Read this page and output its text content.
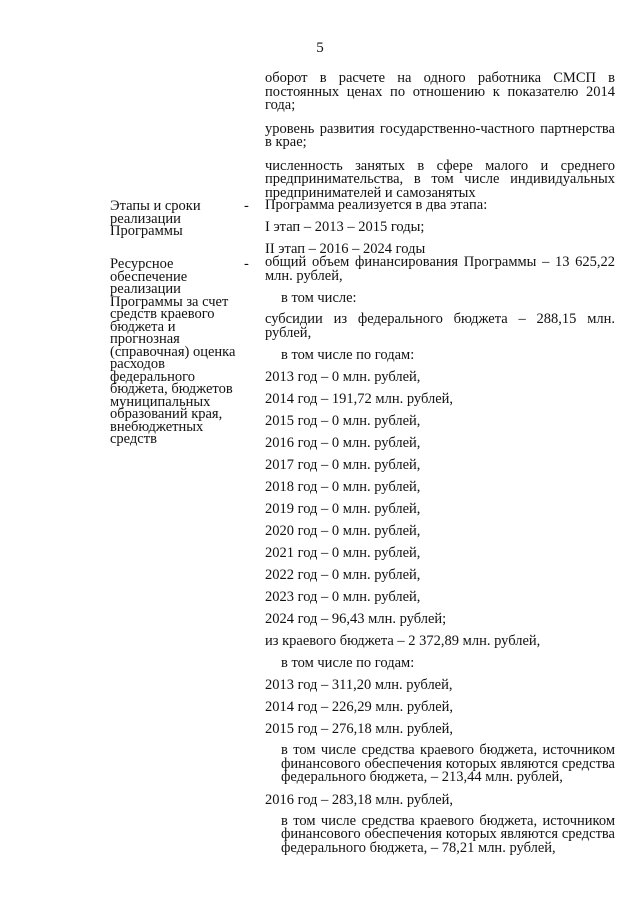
5

оборот в расчете на одного работника СМСП в постоянных ценах по отношению к показателю 2014 года;

уровень развития государственно-частного партнерства в крае;

численность занятых в сфере малого и среднего предпринимательства, в том числе индивидуальных предпринимателей и самозанятых

Этапы и сроки реализации Программы
- Программа реализуется в два этапа:

I этап – 2013 – 2015 годы;

II этап – 2016 – 2024 годы

Ресурсное обеспечение реализации Программы за счет средств краевого бюджета и прогнозная (справочная) оценка расходов федерального бюджета, бюджетов муниципальных образований края, внебюджетных средств
- общий объем финансирования Программы – 13 625,22 млн. рублей,

в том числе:

субсидии из федерального бюджета – 288,15 млн. рублей,

в том числе по годам:

2013 год – 0 млн. рублей,

2014 год – 191,72 млн. рублей,

2015 год – 0 млн. рублей,

2016 год – 0 млн. рублей,

2017 год – 0 млн. рублей,

2018 год – 0 млн. рублей,

2019 год – 0 млн. рублей,

2020 год – 0 млн. рублей,

2021 год – 0 млн. рублей,

2022 год – 0 млн. рублей,

2023 год – 0 млн. рублей,

2024 год – 96,43 млн. рублей;

из краевого бюджета – 2 372,89 млн. рублей,

в том числе по годам:

2013 год – 311,20 млн. рублей,

2014 год – 226,29 млн. рублей,

2015 год – 276,18 млн. рублей,

в том числе средства краевого бюджета, источником финансового обеспечения которых являются средства федерального бюджета, – 213,44 млн. рублей,

2016 год – 283,18 млн. рублей,

в том числе средства краевого бюджета, источником финансового обеспечения которых являются средства федерального бюджета, – 78,21 млн. рублей,
